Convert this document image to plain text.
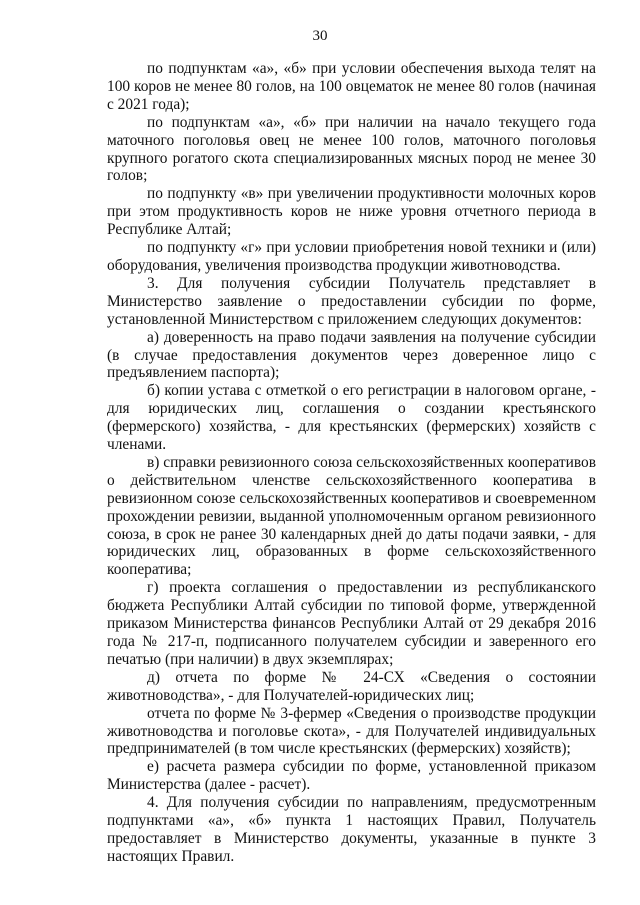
30

по подпунктам «а», «б» при условии обеспечения выхода телят на 100 коров не менее 80 голов, на 100 овцематок не менее 80 голов (начиная с 2021 года);

по подпунктам «а», «б» при наличии на начало текущего года маточного поголовья овец не менее 100 голов, маточного поголовья крупного рогатого скота специализированных мясных пород не менее 30 голов;

по подпункту «в» при увеличении продуктивности молочных коров при этом продуктивность коров не ниже уровня отчетного периода в Республике Алтай;

по подпункту «г» при условии приобретения новой техники и (или) оборудования, увеличения производства продукции животноводства.

3. Для получения субсидии Получатель представляет в Министерство заявление о предоставлении субсидии по форме, установленной Министерством с приложением следующих документов:

а) доверенность на право подачи заявления на получение субсидии (в случае предоставления документов через доверенное лицо с предъявлением паспорта);

б) копии устава с отметкой о его регистрации в налоговом органе, - для юридических лиц, соглашения о создании крестьянского (фермерского) хозяйства, - для крестьянских (фермерских) хозяйств с членами.

в) справки ревизионного союза сельскохозяйственных кооперативов о действительном членстве сельскохозяйственного кооператива в ревизионном союзе сельскохозяйственных кооперативов и своевременном прохождении ревизии, выданной уполномоченным органом ревизионного союза, в срок не ранее 30 календарных дней до даты подачи заявки, - для юридических лиц, образованных в форме сельскохозяйственного кооператива;

г) проекта соглашения о предоставлении из республиканского бюджета Республики Алтай субсидии по типовой форме, утвержденной приказом Министерства финансов Республики Алтай от 29 декабря 2016 года № 217-п, подписанного получателем субсидии и заверенного его печатью (при наличии) в двух экземплярах;

д) отчета по форме № 24-СХ «Сведения о состоянии животноводства», - для Получателей-юридических лиц;

отчета по форме № 3-фермер «Сведения о производстве продукции животноводства и поголовье скота», - для Получателей индивидуальных предпринимателей (в том числе крестьянских (фермерских) хозяйств);

е) расчета размера субсидии по форме, установленной приказом Министерства (далее - расчет).

4. Для получения субсидии по направлениям, предусмотренным подпунктами «а», «б» пункта 1 настоящих Правил, Получатель предоставляет в Министерство документы, указанные в пункте 3 настоящих Правил.
